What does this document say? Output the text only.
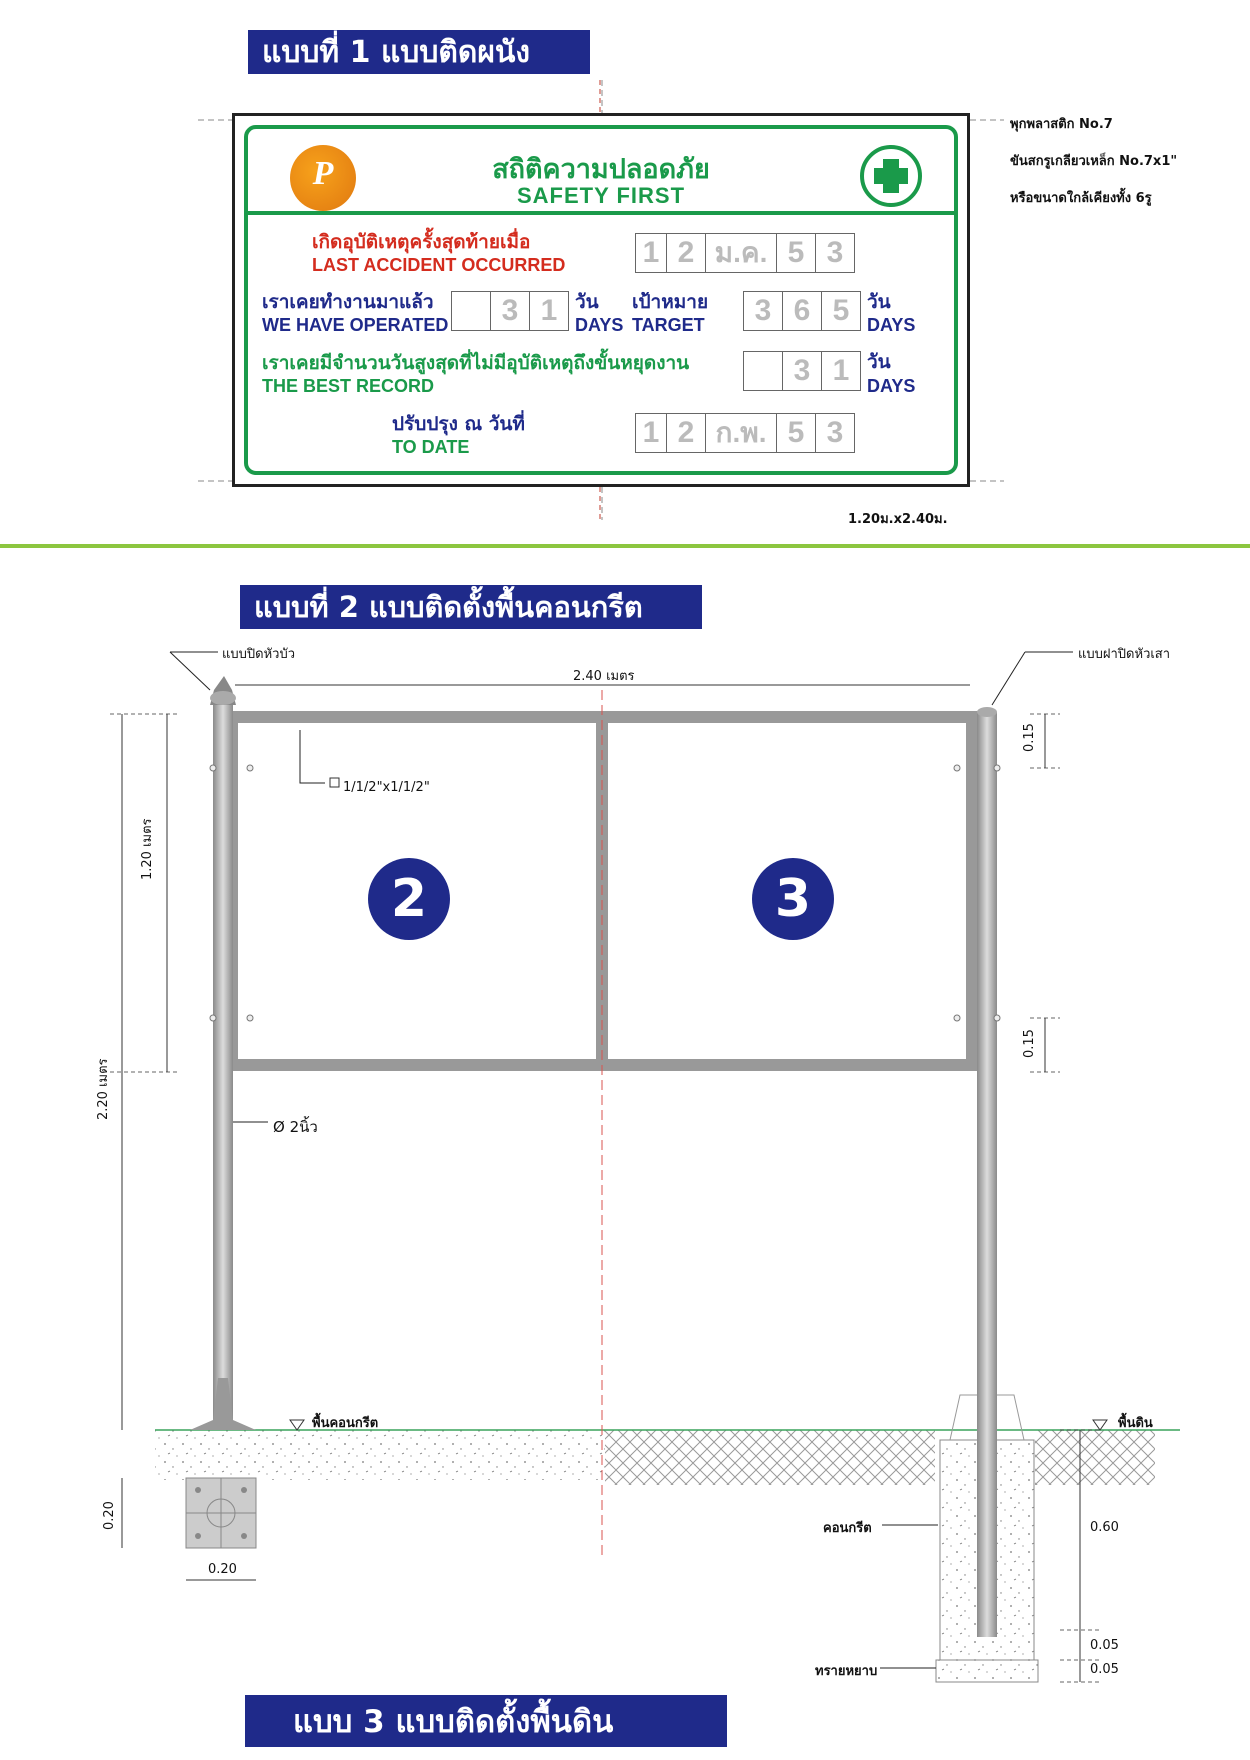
แบบที่ 1 แบบติดผนัง
แบบที่ 2 แบบติดตั้งพื้นคอนกรีต
แบบ 3 แบบติดตั้งพื้นดิน
พุกพลาสติก No.7
ขันสกรูเกลียวเหล็ก No.7x1"
หรือขนาดใกล้เคียงทั้ง 6รู
1.20ม.x2.40ม.
P	สถิติความปลอดภัย
SAFETY FIRST
เกิดอุบัติเหตุครั้งสุดท้ายเมื่อ
LAST ACCIDENT OCCURRED	1 2 ม.ค. 5 3
เราเคยทำงานมาแล้ว
WE HAVE OPERATED	3 1 วัน
DAYS
เป้าหมาย
TARGET	3 6 5 วัน
DAYS
เราเคยมีจำนวนวันสูงสุดที่ไม่มีอุบัติเหตุถึงขั้นหยุดงาน
THE BEST RECORD	3 1 วัน
DAYS
ปรับปรุง ณ วันที่
TO DATE	1 2 ก.พ. 5 3
แบบปิดหัวบัว	แบบฝาปิดหัวเสา
2.40 เมตร
1/1/2"x1/1/2"
Ø 2นิ้ว
1.20 เมตร
2.20 เมตร
0.15
0.15
2	3
พื้นคอนกรีต	พื้นดิน
คอนกรีต
ทรายหยาบ
0.20
0.20
0.60
0.05
0.05
